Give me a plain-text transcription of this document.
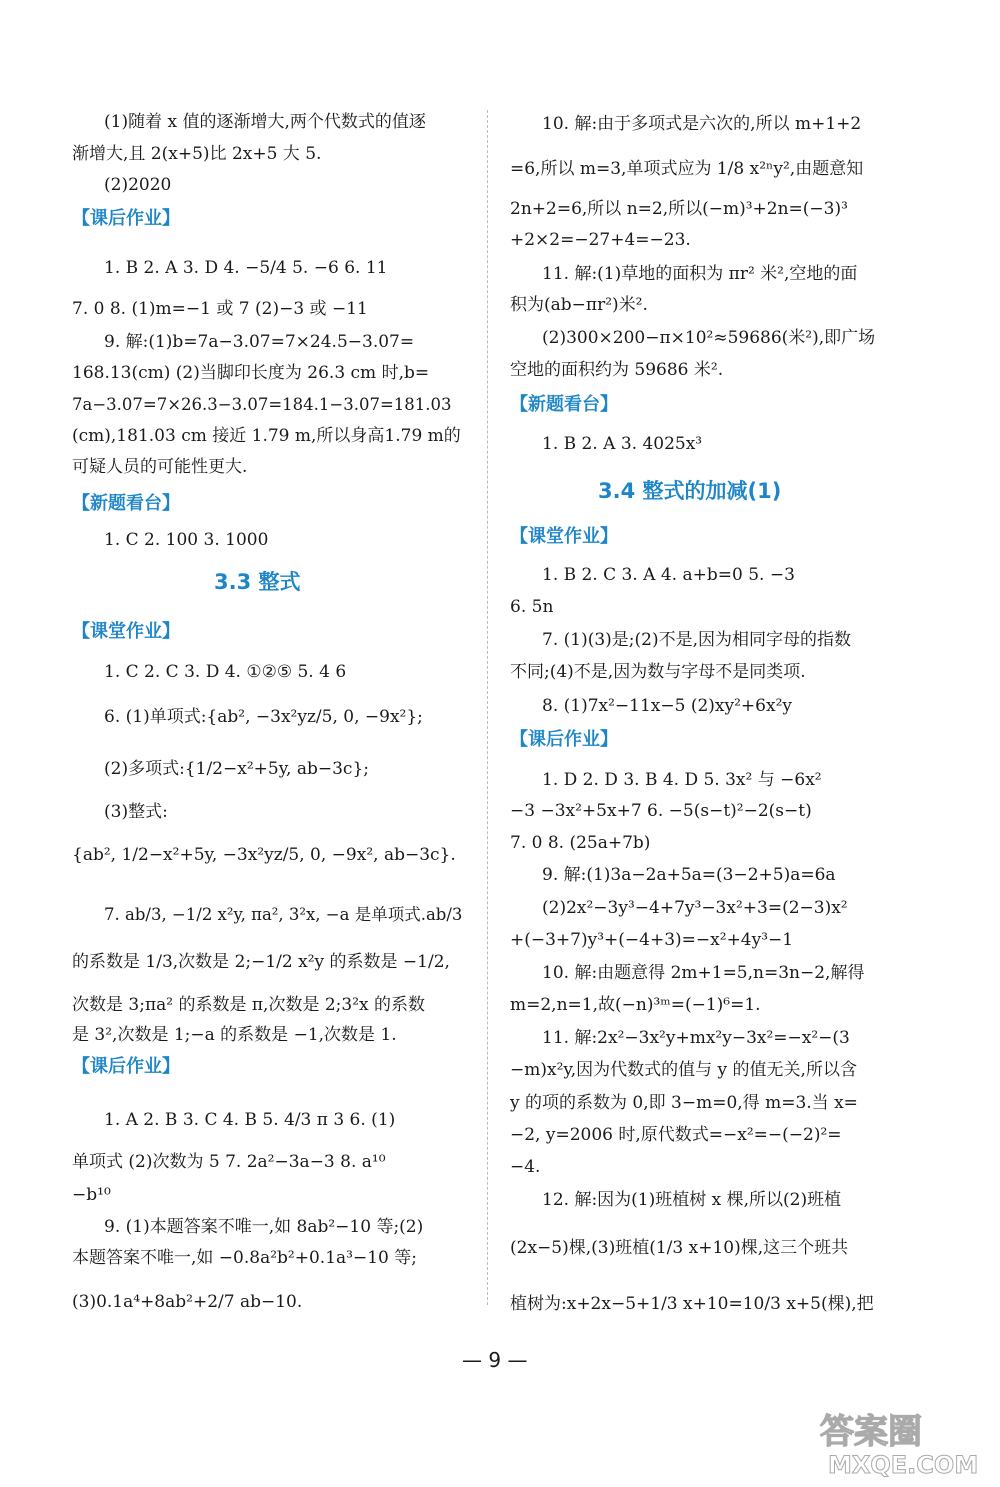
(1)随着 x 值的逐渐增大,两个代数式的值逐
渐增大,且 2(x+5)比 2x+5 大 5.
(2)2020
1. B 2. A 3. D 4. −5/4 5. −6 6. 11
7. 0 8. (1)m=−1 或 7 (2)−3 或 −11
9. 解:(1)b=7a−3.07=7×24.5−3.07=
168.13(cm) (2)当脚印长度为 26.3 cm 时,b=
7a−3.07=7×26.3−3.07=184.1−3.07=181.03
(cm),181.03 cm 接近 1.79 m,所以身高1.79 m的
可疑人员的可能性更大.
1. C 2. 100 3. 1000
1. C 2. C 3. D 4. ①②⑤ 5. 4 6
6. (1)单项式:{ab², −3x²yz/5, 0, −9x²};
(2)多项式:{1/2−x²+5y, ab−3c};
(3)整式:
{ab², 1/2−x²+5y, −3x²yz/5, 0, −9x², ab−3c}.
7. ab/3, −1/2 x²y, πa², 3²x, −a 是单项式.ab/3
的系数是 1/3,次数是 2;−1/2 x²y 的系数是 −1/2,
次数是 3;πa² 的系数是 π,次数是 2;3²x 的系数
是 3²,次数是 1;−a 的系数是 −1,次数是 1.
1. A 2. B 3. C 4. B 5. 4/3 π 3 6. (1)
单项式 (2)次数为 5 7. 2a²−3a−3 8. a¹⁰
−b¹⁰
9. (1)本题答案不唯一,如 8ab²−10 等;(2)
本题答案不唯一,如 −0.8a²b²+0.1a³−10 等;
(3)0.1a⁴+8ab²+2/7 ab−10.
【课后作业】
【新题看台】
【课堂作业】
【课后作业】
3.3 整式
10. 解:由于多项式是六次的,所以 m+1+2
=6,所以 m=3,单项式应为 1/8 x²ⁿy²,由题意知
2n+2=6,所以 n=2,所以(−m)³+2n=(−3)³
+2×2=−27+4=−23.
11. 解:(1)草地的面积为 πr² 米²,空地的面
积为(ab−πr²)米².
(2)300×200−π×10²≈59686(米²),即广场
空地的面积约为 59686 米².
1. B 2. A 3. 4025x³
1. B 2. C 3. A 4. a+b=0 5. −3
6. 5n
7. (1)(3)是;(2)不是,因为相同字母的指数
不同;(4)不是,因为数与字母不是同类项.
8. (1)7x²−11x−5 (2)xy²+6x²y
1. D 2. D 3. B 4. D 5. 3x² 与 −6x²
−3 −3x²+5x+7 6. −5(s−t)²−2(s−t)
7. 0 8. (25a+7b)
9. 解:(1)3a−2a+5a=(3−2+5)a=6a
(2)2x²−3y³−4+7y³−3x²+3=(2−3)x²
+(−3+7)y³+(−4+3)=−x²+4y³−1
10. 解:由题意得 2m+1=5,n=3n−2,解得
m=2,n=1,故(−n)³ᵐ=(−1)⁶=1.
11. 解:2x²−3x²y+mx²y−3x²=−x²−(3
−m)x²y,因为代数式的值与 y 的值无关,所以含
y 的项的系数为 0,即 3−m=0,得 m=3.当 x=
−2, y=2006 时,原代数式=−x²=−(−2)²=
−4.
12. 解:因为(1)班植树 x 棵,所以(2)班植
(2x−5)棵,(3)班植(1/3 x+10)棵,这三个班共
植树为:x+2x−5+1/3 x+10=10/3 x+5(棵),把
【新题看台】
【课堂作业】
【课后作业】
3.4 整式的加减(1)
— 9 —
答案圈
MXQE.COM
